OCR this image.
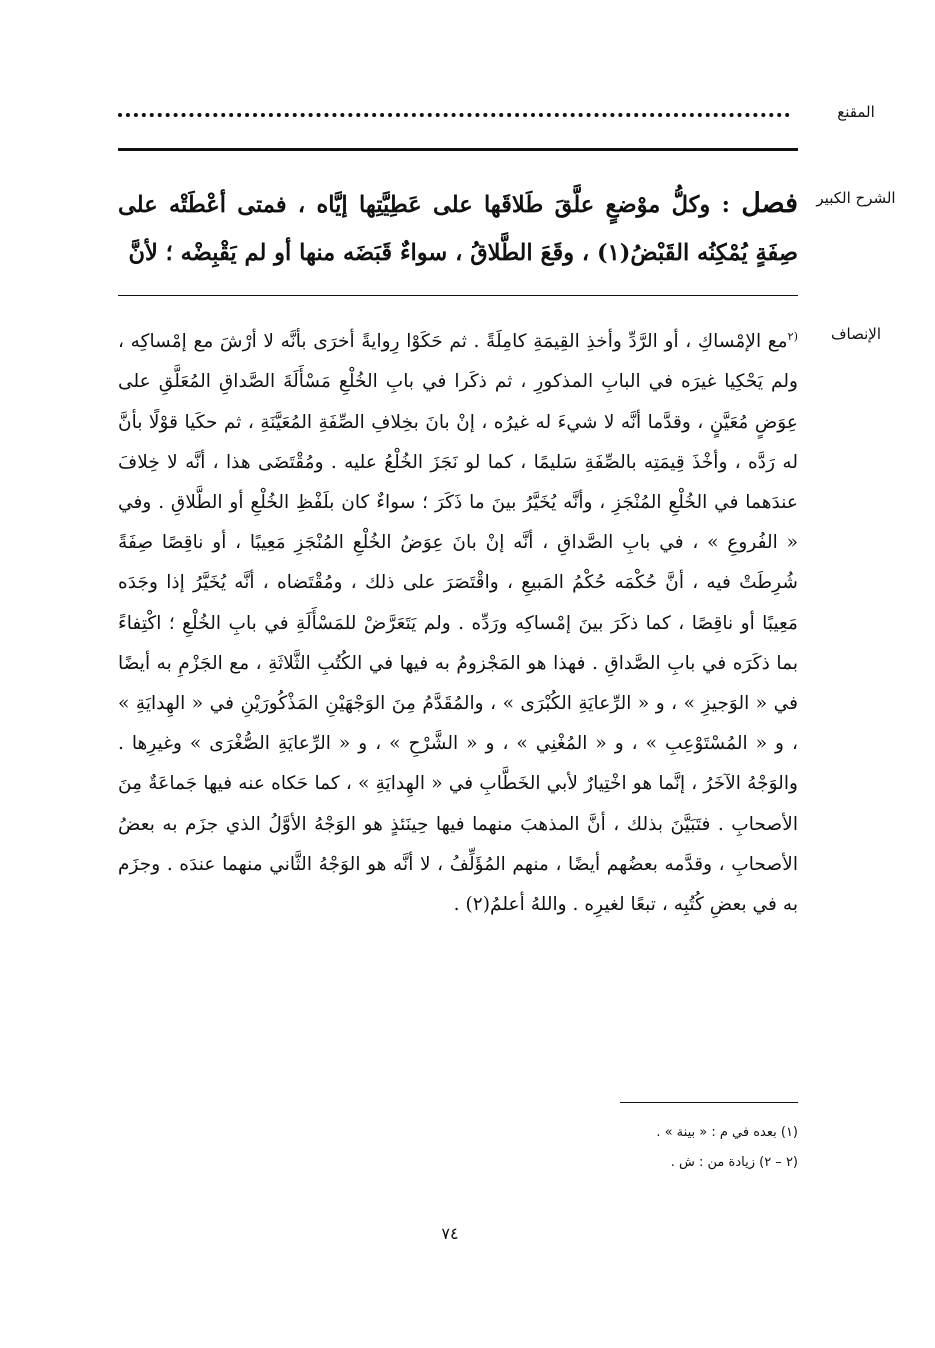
المقنع
الشرح الكبير
فصل : وكلُّ موْضعٍ علَّقَ طَلاقَها على عَطِيَّتِها إيَّاه ، فمتى أعْطَتْه على صِفَةٍ يُمْكِنُه القَبْضُ(١) ، وقَعَ الطَّلاقُ ، سواءٌ قَبَضَه منها أو لم يَقْبِضْه ؛ لأنَّ
الإنصاف
$^{(٢}$مع الإمْساكِ ، أو الرَّدِّ وأخذِ القِيمَةِ كامِلَةً . ثم حَكَوْا رِوايةً أخرَى بأنَّه لا أرْشَ مع إمْساكِه ، ولم يَحْكِيا غيرَه في البابِ المذكورِ ، ثم ذكَرا في بابِ الخُلْعِ مَسْأَلَةَ الصَّداقِ المُعَلَّقِ على عِوَضٍ مُعَيَّنٍ ، وقدَّما أنَّه لا شيءَ له غيرُه ، إنْ بانَ بخِلافِ الصِّفَةِ المُعَيَّنَةِ ، ثم حكَيا قوْلًا بأنَّ له رَدَّه ، وأخْذَ قِيمَتِه بالصِّفَةِ سَليمًا ، كما لو نَجَزَ الخُلْعُ عليه . ومُقْتَضَى هذا ، أنَّه لا خِلافَ عندَهما في الخُلْعِ المُنْجَزِ ، وأنَّه يُخَيَّرُ بينَ ما ذَكَرَ ؛ سواءٌ كان بلَفْظِ الخُلْعِ أو الطَّلاقِ . وفي « الفُروعِ » ، في بابِ الصَّداقِ ، أنَّه إنْ بانَ عِوَضُ الخُلْعِ المُنْجَزِ مَعِيبًا ، أو ناقِصًا صِفَةً شُرِطَتْ فيه ، أنَّ حُكْمَه حُكْمُ المَبيعِ ، واقْتَصَرَ على ذلك ، ومُقْتَضاه ، أنَّه يُخَيَّرُ إذا وجَدَه مَعِيبًا أو ناقِصًا ، كما ذكَرَ بينَ إمْساكِه ورَدِّه . ولم يَتَعَرَّضْ للمَسْأَلَةِ في بابِ الخُلْعِ ؛ اكْتِفاءً بما ذكَرَه في بابِ الصَّداقِ . فهذا هو المَجْزومُ به فيها في الكُتُبِ الثَّلاثَةِ ، مع الجَزْمِ به أيضًا في « الوَجيزِ » ، و « الرِّعايَةِ الكُبْرَى » ، والمُقَدَّمُ مِنَ الوَجْهَيْنِ المَذْكُورَيْنِ في « الهِدايَةِ » ، و « المُسْتَوْعِبِ » ، و « المُغْنِي » ، و « الشَّرْحِ » ، و « الرِّعايَةِ الصُّغْرَى » وغيرِها . والوَجْهُ الآخَرُ ، إنَّما هو اخْتِيارٌ لأبي الخَطَّابِ في « الهِدايَةِ » ، كما حَكاه عنه فيها جَماعَةٌ مِنَ الأصحابِ . فتَبَيَّنَ بذلك ، أنَّ المذهبَ منهما فيها حِينَئذٍ هو الوَجْهُ الأوَّلُ الذي جزَم به بعضُ الأصحابِ ، وقدَّمه بعضُهم أيضًا ، منهم المُؤَلِّفُ ، لا أنَّه هو الوَجْهُ الثَّاني منهما عندَه . وجزَم به في بعضِ كُتُبِه ، تبعًا لغيرِه . واللهُ أعلمُ(٢) .
(١) بعده في م : « بينة » .
(٢ – ٢) زيادة من : ش .
٧٤
